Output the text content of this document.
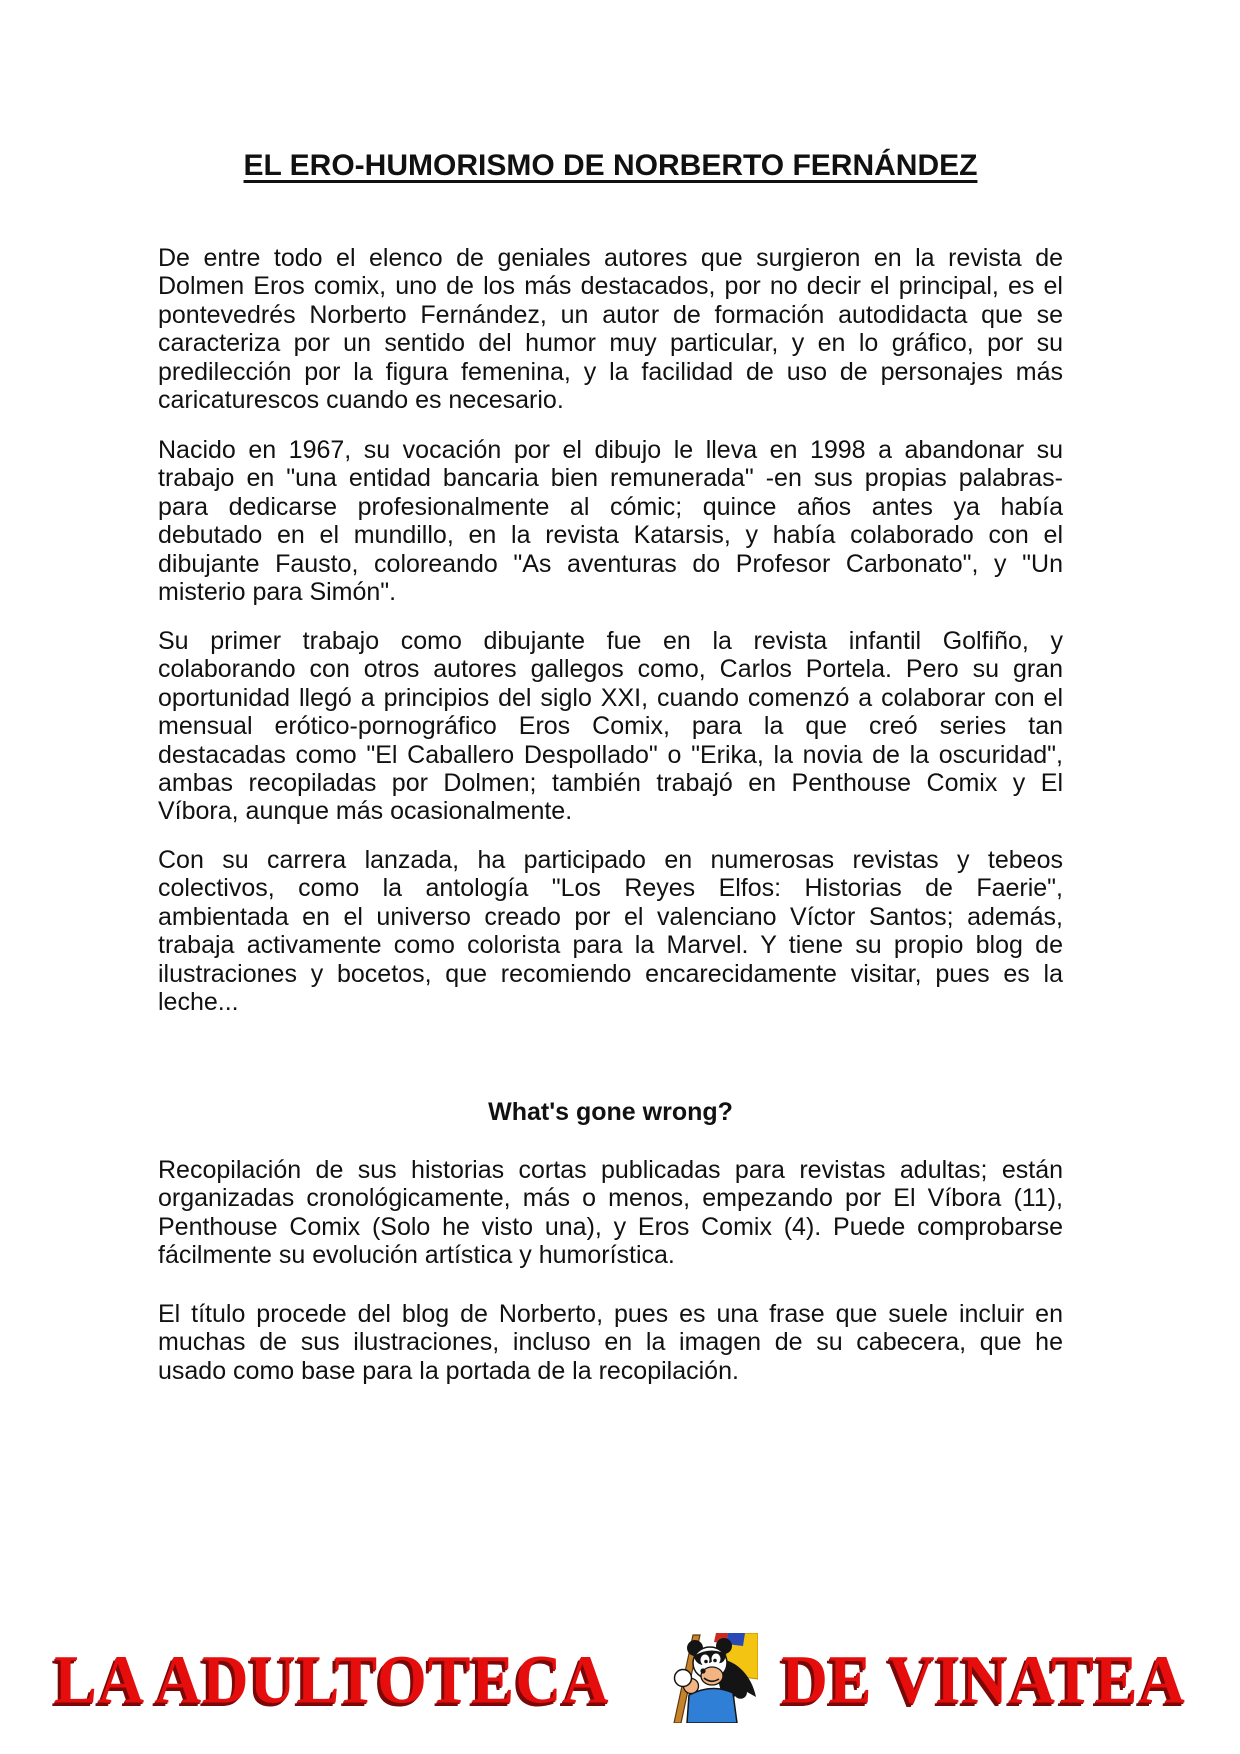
EL ERO-HUMORISMO DE NORBERTO FERNÁNDEZ
De entre todo el elenco de geniales autores que surgieron en la revista de
Dolmen Eros comix, uno de los más destacados, por no decir el principal, es el
pontevedrés Norberto Fernández, un autor de formación autodidacta que se
caracteriza por un sentido del humor muy particular, y en lo gráfico, por su
predilección por la figura femenina, y la facilidad de uso de personajes más
caricaturescos cuando es necesario.
Nacido en 1967, su vocación por el dibujo le lleva en 1998 a abandonar su
trabajo en "una entidad bancaria bien remunerada" -en sus propias palabras-
para dedicarse profesionalmente al cómic; quince años antes ya había
debutado en el mundillo, en la revista Katarsis, y había colaborado con el
dibujante Fausto, coloreando "As aventuras do Profesor Carbonato", y "Un
misterio para Simón".
Su primer trabajo como dibujante fue en la revista infantil Golfiño, y
colaborando con otros autores gallegos como, Carlos Portela. Pero su gran
oportunidad llegó a principios del siglo XXI, cuando comenzó a colaborar con el
mensual erótico-pornográfico Eros Comix, para la que creó series tan
destacadas como "El Caballero Despollado" o "Erika, la novia de la oscuridad",
ambas recopiladas por Dolmen; también trabajó en Penthouse Comix y El
Víbora, aunque más ocasionalmente.
Con su carrera lanzada, ha participado en numerosas revistas y tebeos
colectivos, como la antología "Los Reyes Elfos: Historias de Faerie",
ambientada en el universo creado por el valenciano Víctor Santos; además,
trabaja activamente como colorista para la Marvel. Y tiene su propio blog de
ilustraciones y bocetos, que recomiendo encarecidamente visitar, pues es la
leche...
What's gone wrong?
Recopilación de sus historias cortas publicadas para revistas adultas; están
organizadas cronológicamente, más o menos, empezando por El Víbora (11),
Penthouse Comix (Solo he visto una), y Eros Comix (4). Puede comprobarse
fácilmente su evolución artística y humorística.
El título procede del blog de Norberto, pues es una frase que suele incluir en
muchas de sus ilustraciones, incluso en la imagen de su cabecera, que he
usado como base para la portada de la recopilación.
LA ADULTOTECA	DE VINATEA
